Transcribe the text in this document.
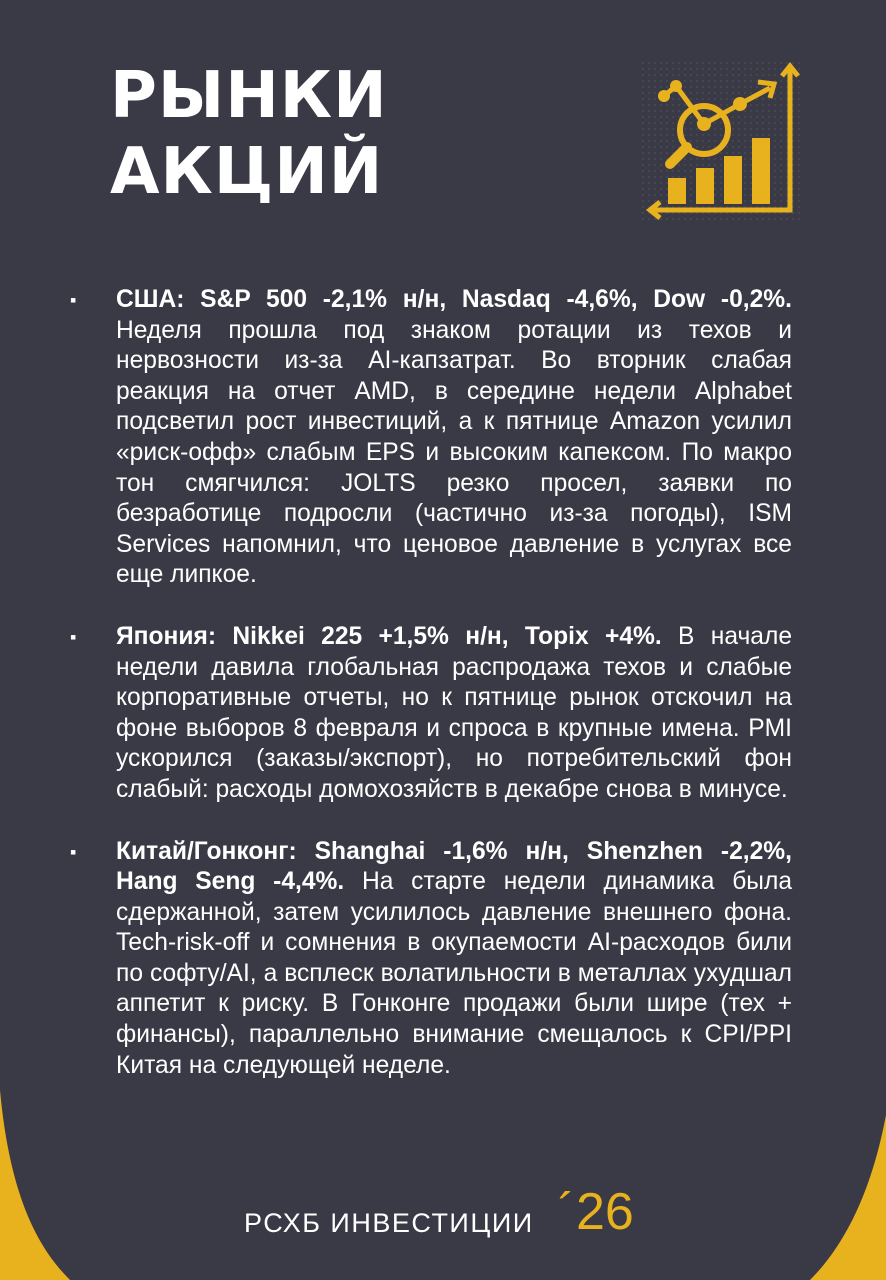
РЫНКИ
АКЦИЙ
▪ США: S&P 500 -2,1% н/н, Nasdaq -4,6%, Dow -0,2%. Неделя прошла под знаком ротации из техов и нервозности из-за AI-капзатрат. Во вторник слабая реакция на отчет AMD, в середине недели Alphabet подсветил рост инвестиций, а к пятнице Amazon усилил «риск-офф» слабым EPS и высоким капексом. По макро тон смягчился: JOLTS резко просел, заявки по безработице подросли (частично из-за погоды), ISM Services напомнил, что ценовое давление в услугах все еще липкое.
▪ Япония: Nikkei 225 +1,5% н/н, Topix +4%. В начале недели давила глобальная распродажа техов и слабые корпоративные отчеты, но к пятнице рынок отскочил на фоне выборов 8 февраля и спроса в крупные имена. PMI ускорился (заказы/экспорт), но потребительский фон слабый: расходы домохозяйств в декабре снова в минусе.
▪ Китай/Гонконг: Shanghai -1,6% н/н, Shenzhen -2,2%, Hang Seng -4,4%. На старте недели динамика была сдержанной, затем усилилось давление внешнего фона. Tech-risk-off и сомнения в окупаемости AI-расходов били по софту/AI, а всплеск волатильности в металлах ухудшал аппетит к риску. В Гонконге продажи были шире (тех + финансы), параллельно внимание смещалось к CPI/PPI Китая на следующей неделе.
РСХБ ИНВЕСТИЦИИ ´ 26
